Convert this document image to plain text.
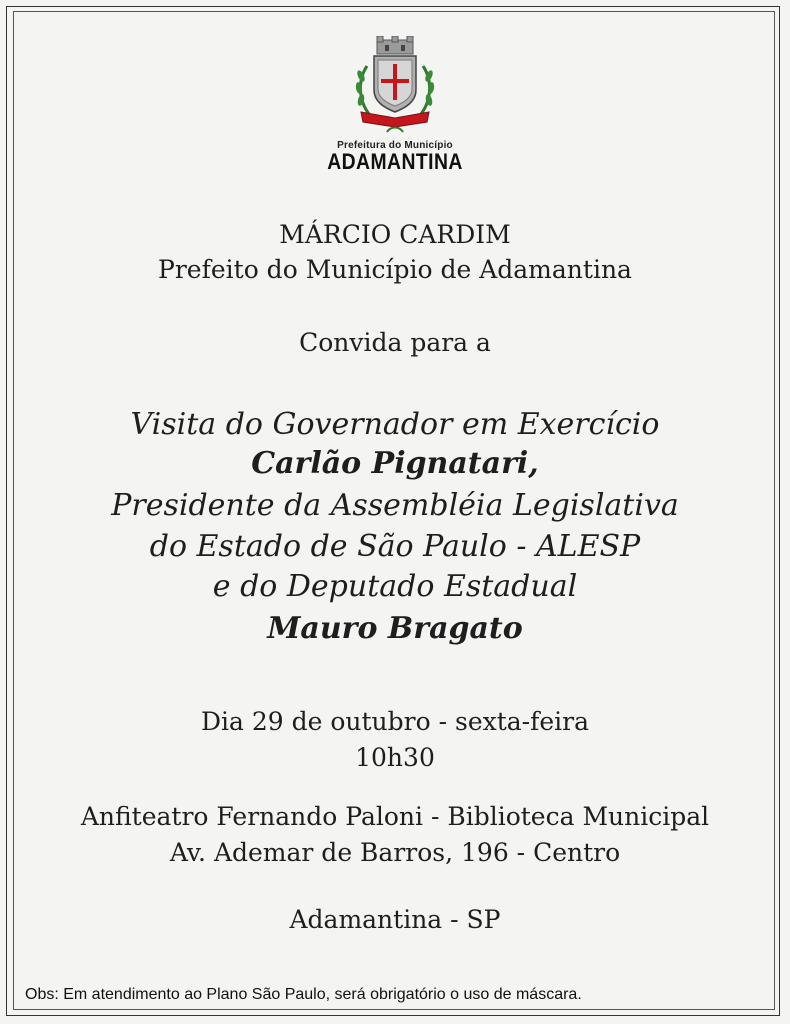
Prefeitura do Município
ADAMANTINA
MÁRCIO CARDIM
Prefeito do Município de Adamantina
Convida para a
Visita do Governador em Exercício
Carlão Pignatari,
Presidente da Assembléia Legislativa
do Estado de São Paulo - ALESP
e do Deputado Estadual
Mauro Bragato
Dia 29 de outubro - sexta-feira
10h30
Anfiteatro Fernando Paloni - Biblioteca Municipal
Av. Ademar de Barros, 196 - Centro
Adamantina - SP
Obs: Em atendimento ao Plano São Paulo, será obrigatório o uso de máscara.
